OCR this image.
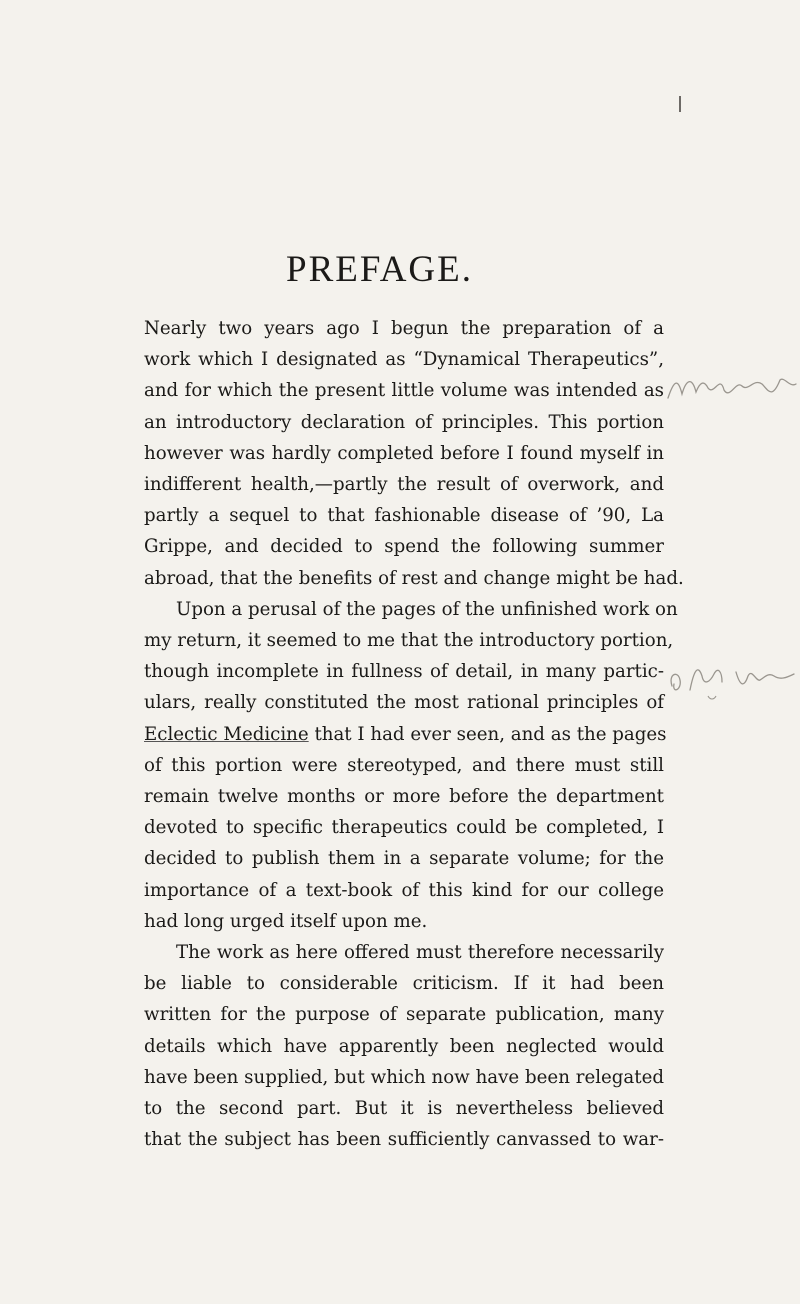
PREFAGE.
Nearly two years ago I begun the preparation of a
work which I designated as “Dynamical Therapeutics”,
and for which the present little volume was intended as
an introductory declaration of principles. This portion
however was hardly completed before I found myself in
indifferent health,—partly the result of overwork, and
partly a sequel to that fashionable disease of ’90, La
Grippe, and decided to spend the following summer
abroad, that the benefits of rest and change might be had.
Upon a perusal of the pages of the unfinished work on
my return, it seemed to me that the introductory portion,
though incomplete in fullness of detail, in many partic-
ulars, really constituted the most rational principles of
Eclectic Medicine that I had ever seen, and as the pages
of this portion were stereotyped, and there must still
remain twelve months or more before the department
devoted to specific therapeutics could be completed, I
decided to publish them in a separate volume; for the
importance of a text-book of this kind for our college
had long urged itself upon me.
The work as here offered must therefore necessarily
be liable to considerable criticism. If it had been
written for the purpose of separate publication, many
details which have apparently been neglected would
have been supplied, but which now have been relegated
to the second part. But it is nevertheless believed
that the subject has been sufficiently canvassed to war-
